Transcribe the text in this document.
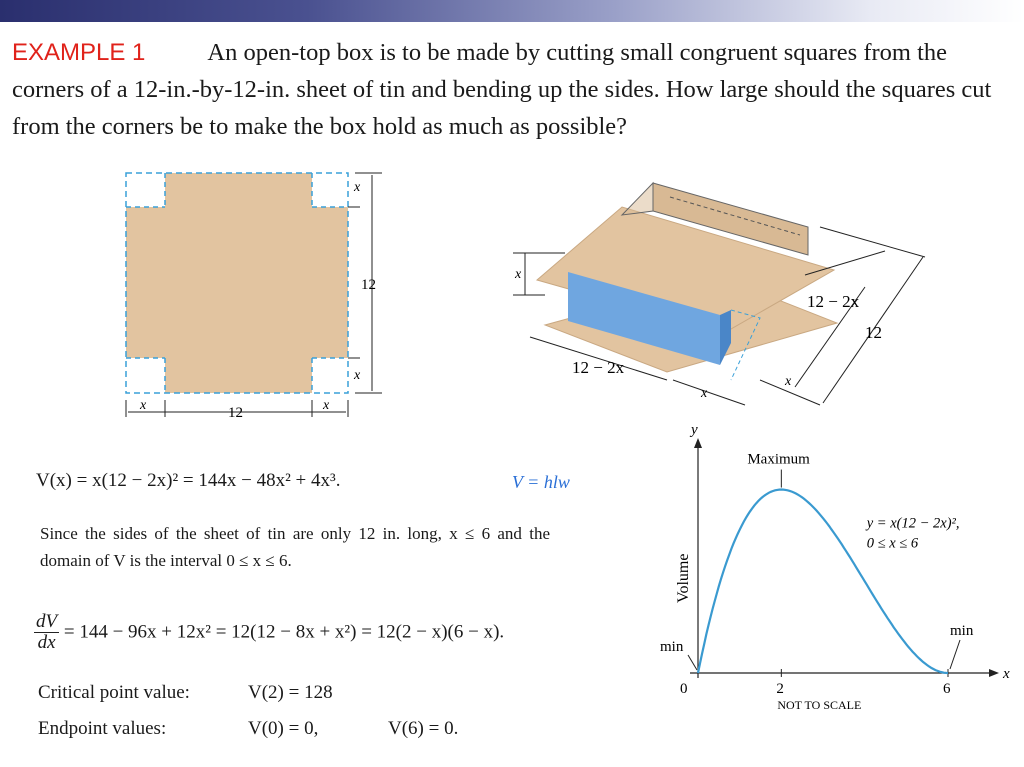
EXAMPLE 1	An open-top box is to be made by cutting small congruent squares from the corners of a 12-in.-by-12-in. sheet of tin and bending up the sides. How large should the squares cut from the corners be to make the box hold as much as possible?
x
12
x
x	12	x
x
12 − 2x
12
12 − 2x
x
x
V(x) = x(12 − 2x)² = 144x − 48x² + 4x³.	V = hlw
Since the sides of the sheet of tin are only 12 in. long, x ≤ 6 and the domain of V is the interval 0 ≤ x ≤ 6.
$\frac{dV}{dx} = 144 - 96x + 12x^2 = 12(12 - 8x + x^2) = 12(2 - x)(6 - x)$.
Critical point value:	V(2) = 128
Endpoint values:	V(0) = 0,	V(6) = 0.
x
y
Volume
0	2	6
Maximum
min
min
y = x(12 − 2x)²,
0 ≤ x ≤ 6
NOT TO SCALE
